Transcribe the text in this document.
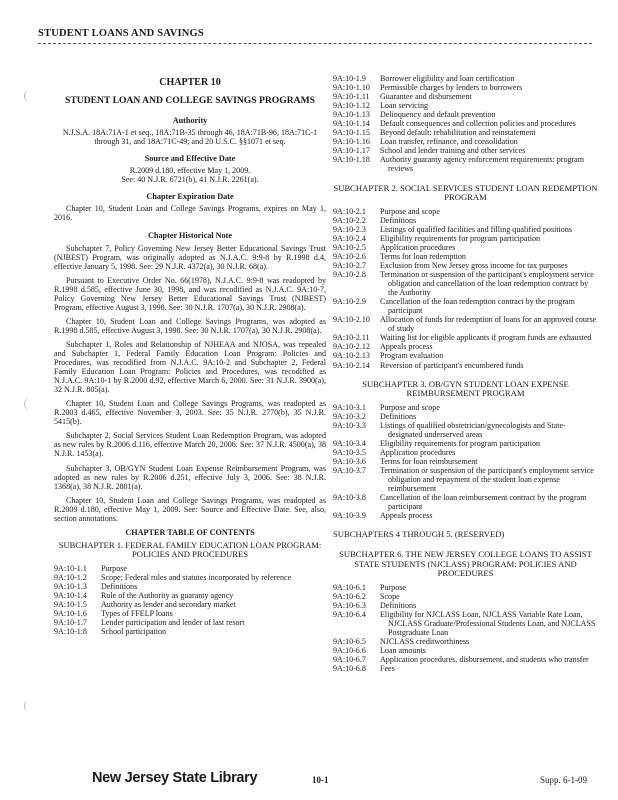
STUDENT LOANS AND SAVINGS
CHAPTER 10
STUDENT LOAN AND COLLEGE SAVINGS PROGRAMS
Authority
N.J.S.A. 18A:71A-1 et seq., 18A:71B-35 through 46, 18A:71B-96, 18A:71C-1 through 31, and 18A:71C-49; and 20 U.S.C. §§1071 et seq.
Source and Effective Date
R.2009 d.180, effective May 1, 2009.
See: 40 N.J.R. 6721(b), 41 N.J.R. 2261(a).
Chapter Expiration Date
Chapter 10, Student Loan and College Savings Programs, expires on May 1, 2016.
Chapter Historical Note

Subchapter 7, Policy Governing New Jersey Better Educational Savings Trust (NJBEST) Program, was originally adopted as N.J.A.C. 9:9-8 by R.1998 d.4, effective January 5, 1998. See: 29 N.J.R. 4372(a), 30 N.J.R. 68(a).

Pursuant to Executive Order No. 66(1978), N.J.A.C. 9:9-8 was readopted by R.1998 d.585, effective June 30, 1998, and was recodified as N.J.A.C. 9A:10-7, Policy Governing New Jersey Better Educational Savings Trust (NJBEST) Program, effective August 3, 1998. See: 30 N.J.R. 1707(a), 30 N.J.R. 2908(a).

Chapter 10, Student Loan and College Savings Programs, was adopted as R.1998 d.585, effective August 3, 1998. See: 30 N.J.R. 1707(a), 30 N.J.R. 2908(a).

Subchapter 1, Roles and Relationship of NJHEAA and NJOSA, was repealed and Subchapter 1, Federal Family Education Loan Program: Policies and Procedures, was recodified from N.J.A.C. 9A:10-2 and Subchapter 2, Federal Family Education Loan Program: Policies and Procedures, was recodified as N.J.A.C. 9A:10-1 by R.2000 d.92, effective March 6, 2000. See: 31 N.J.R. 3900(a), 32 N.J.R. 805(a).

Chapter 10, Student Loan and College Savings Programs, was readopted as R.2003 d.465, effective November 3, 2003. See: 35 N.J.R. 2770(b), 35 N.J.R. 5415(b).

Subchapter 2, Social Services Student Loan Redemption Program, was adopted as new rules by R.2006 d.116, effective March 20, 2006. See: 37 N.J.R. 4500(a), 38 N.J.R. 1453(a).

Subchapter 3, OB/GYN Student Loan Expense Reimbursement Program, was adopted as new rules by R.2006 d.251, effective July 3, 2006. See: 38 N.J.R. 1368(a), 38 N.J.R. 2801(a).

Chapter 10, Student Loan and College Savings Programs, was readopted as R.2009 d.180, effective May 1, 2009. See: Source and Effective Date. See, also, section annotations.

CHAPTER TABLE OF CONTENTS
SUBCHAPTER 1. FEDERAL FAMILY EDUCATION LOAN PROGRAM: POLICIES AND PROCEDURES
9A:10-1.1	Purpose
9A:10-1.2	Scope; Federal rules and statutes incorporated by reference
9A:10-1.3	Definitions
9A:10-1.4	Role of the Authority as guaranty agency
9A:10-1.5	Authority as lender and secondary market
9A:10-1.6	Types of FFELP loans
9A:10-1.7	Lender participation and lender of last resort
9A:10-1.8	School participation
9A:10-1.9	Borrower eligibility and loan certification
9A:10-1.10	Permissible charges by lenders to borrowers
9A:10-1.11	Guarantee and disbursement
9A:10-1.12	Loan servicing
9A:10-1.13	Delinquency and default prevention
9A:10-1.14	Default consequences and collection policies and procedures
9A:10-1.15	Beyond default: rehabilitation and reinstatement
9A:10-1.16	Loan transfer, refinance, and consolidation
9A:10-1.17	School and lender training and other services
9A:10-1.18	Authority guaranty agency enforcement requirements: program reviews
SUBCHAPTER 2. SOCIAL SERVICES STUDENT LOAN REDEMPTION PROGRAM
9A:10-2.1	Purpose and scope
9A:10-2.2	Definitions
9A:10-2.3	Listings of qualified facilities and filling qualified positions
9A:10-2.4	Eligibility requirements for program participation
9A:10-2.5	Application procedures
9A:10-2.6	Terms for loan redemption
9A:10-2.7	Exclusion from New Jersey gross income for tax purposes
9A:10-2.8	Termination or suspension of the participant's employment service obligation and cancellation of the loan redemption contract by the Authority
9A:10-2.9	Cancellation of the loan redemption contract by the program participant
9A:10-2.10	Allocation of funds for redemption of loans for an approved course of study
9A:10-2.11	Waiting list for eligible applicants if program funds are exhausted
9A:10-2.12	Appeals process
9A:10-2.13	Program evaluation
9A:10-2.14	Reversion of participant's encumbered funds
SUBCHAPTER 3. OB/GYN STUDENT LOAN EXPENSE REIMBURSEMENT PROGRAM
9A:10-3.1	Purpose and scope
9A:10-3.2	Definitions
9A:10-3.3	Listings of qualified obstetrician/gynecologists and State-designated underserved areas
9A:10-3.4	Eligibility requirements for program participation
9A:10-3.5	Application procedures
9A:10-3.6	Terms for loan reimbursement
9A:10-3.7	Termination or suspension of the participant's employment service obligation and repayment of the student loan expense reimbursement
9A:10-3.8	Cancellation of the loan reimbursement contract by the program participant
9A:10-3.9	Appeals process
SUBCHAPTERS 4 THROUGH 5. (RESERVED)
SUBCHAPTER 6. THE NEW JERSEY COLLEGE LOANS TO ASSIST STATE STUDENTS (NJCLASS) PROGRAM: POLICIES AND PROCEDURES
9A:10-6.1	Purpose
9A:10-6.2	Scope
9A:10-6.3	Definitions
9A:10-6.4	Eligibility for NJCLASS Loan, NJCLASS Variable Rate Loan, NJCLASS Graduate/Professional Students Loan, and NJCLASS Postgraduate Loan
9A:10-6.5	NJCLASS creditworthiness
9A:10-6.6	Loan amounts
9A:10-6.7	Application procedures, disbursement, and students who transfer
9A:10-6.8	Fees
New Jersey State Library	10-1	Supp. 6-1-09
